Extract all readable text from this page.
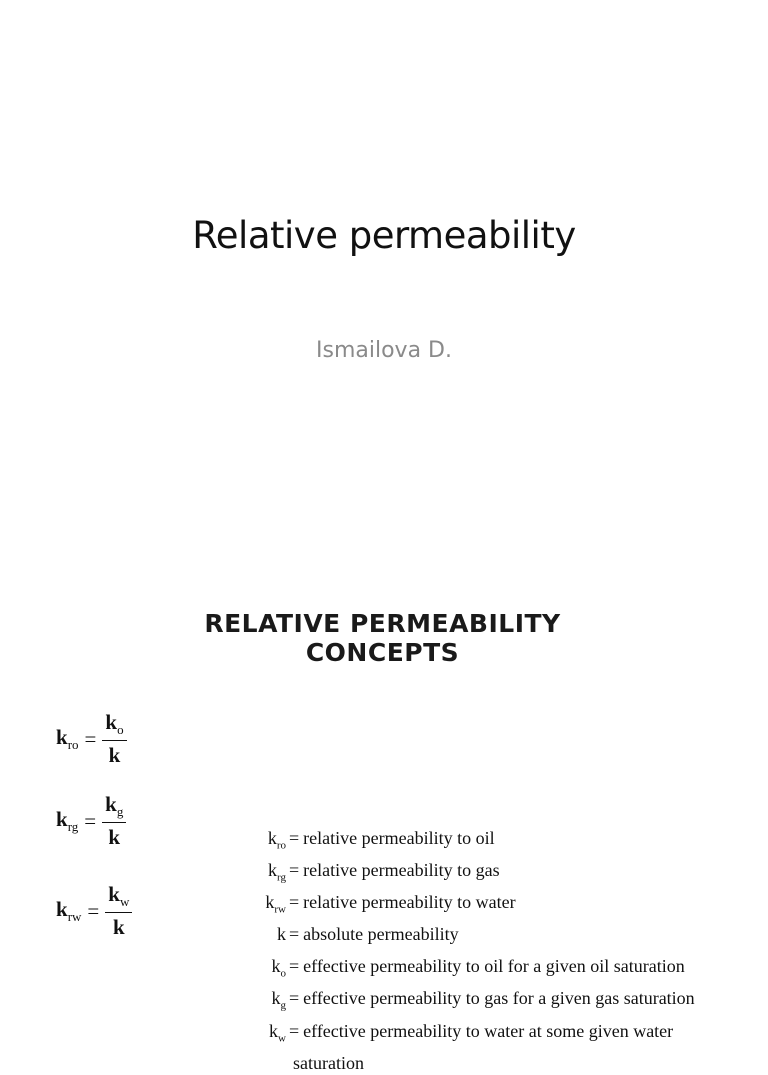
Relative permeability
Ismailova D.
RELATIVE PERMEABILITY
CONCEPTS
$k_{ro} = \frac{k_o}{k}$
$k_{rg} = \frac{k_g}{k}$
$k_{rw} = \frac{k_w}{k}$
$k_{ro}$ = relative permeability to oil
$k_{rg}$ = relative permeability to gas
$k_{rw}$ = relative permeability to water
k = absolute permeability
$k_o$ = effective permeability to oil for a given oil saturation
$k_g$ = effective permeability to gas for a given gas saturation
$k_w$ = effective permeability to water at some given water
saturation
